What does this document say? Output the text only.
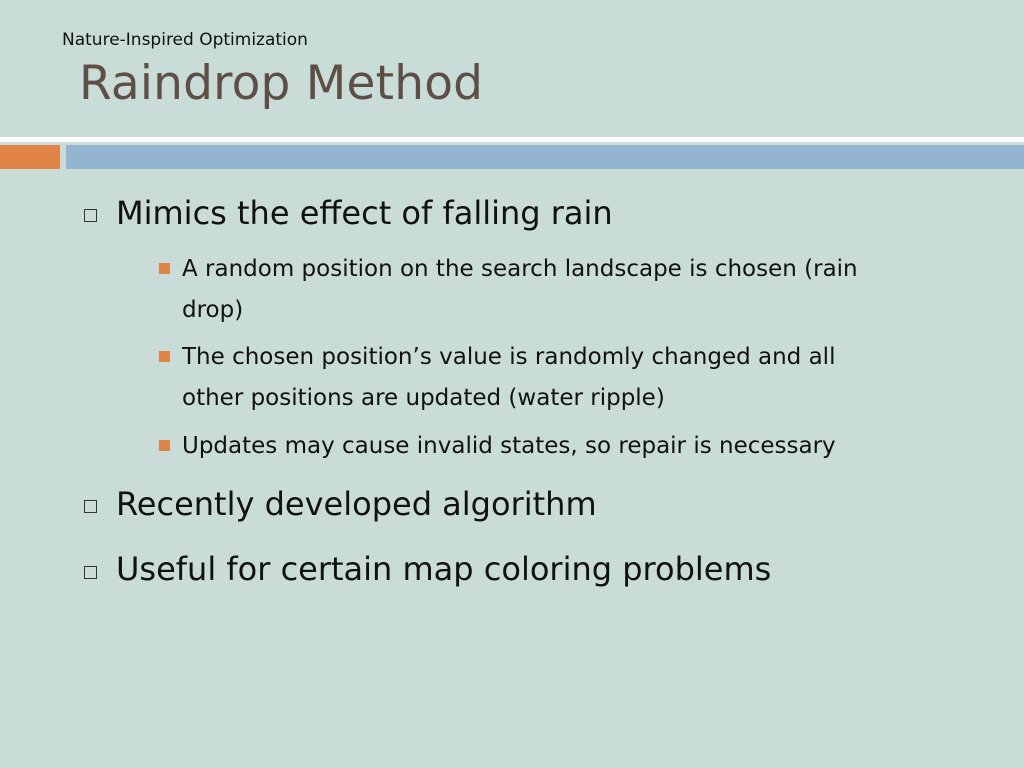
Nature-Inspired Optimization
Raindrop Method
Mimics the effect of falling rain
A random position on the search landscape is chosen (rain
drop)
The chosen position’s value is randomly changed and all
other positions are updated (water ripple)
Updates may cause invalid states, so repair is necessary
Recently developed algorithm
Useful for certain map coloring problems
